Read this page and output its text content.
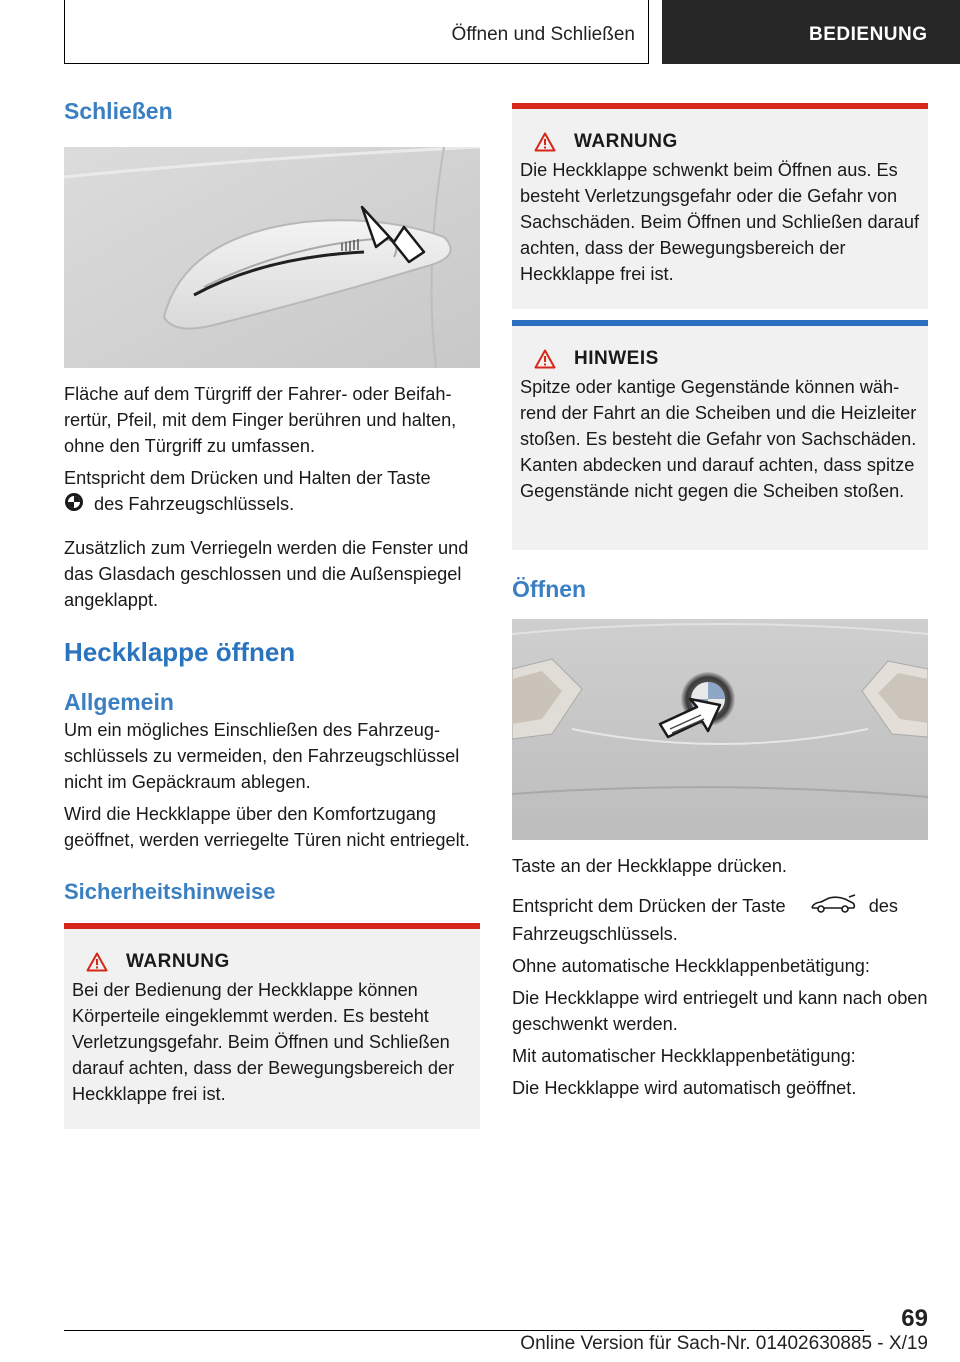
Öffnen und Schließen	BEDIENUNG
Schließen
Fläche auf dem Türgriff der Fahrer- oder Beifahrertür, Pfeil, mit dem Finger berühren und halten, ohne den Türgriff zu umfassen.
Entspricht dem Drücken und Halten der Taste
des Fahrzeugschlüssels.
Zusätzlich zum Verriegeln werden die Fenster und das Glasdach geschlossen und die Außenspiegel angeklappt.
Heckklappe öffnen
Allgemein
Um ein mögliches Einschließen des Fahrzeugschlüssels zu vermeiden, den Fahrzeugschlüssel nicht im Gepäckraum ablegen.
Wird die Heckklappe über den Komfortzugang geöffnet, werden verriegelte Türen nicht entriegelt.
Sicherheitshinweise
WARNUNG
Bei der Bedienung der Heckklappe können Körperteile eingeklemmt werden. Es besteht Verletzungsgefahr. Beim Öffnen und Schließen darauf achten, dass der Bewegungsbereich der Heckklappe frei ist.
WARNUNG
Die Heckklappe schwenkt beim Öffnen aus. Es besteht Verletzungsgefahr oder die Gefahr von Sachschäden. Beim Öffnen und Schließen darauf achten, dass der Bewegungsbereich der Heckklappe frei ist.
HINWEIS
Spitze oder kantige Gegenstände können während der Fahrt an die Scheiben und die Heizleiter stoßen. Es besteht die Gefahr von Sachschäden. Kanten abdecken und darauf achten, dass spitze Gegenstände nicht gegen die Scheiben stoßen.
Öffnen
Taste an der Heckklappe drücken.
Entspricht dem Drücken der Taste	des Fahrzeugschlüssels.
Ohne automatische Heckklappenbetätigung:
Die Heckklappe wird entriegelt und kann nach oben geschwenkt werden.
Mit automatischer Heckklappenbetätigung:
Die Heckklappe wird automatisch geöffnet.
69
Online Version für Sach-Nr. 01402630885 - X/19
